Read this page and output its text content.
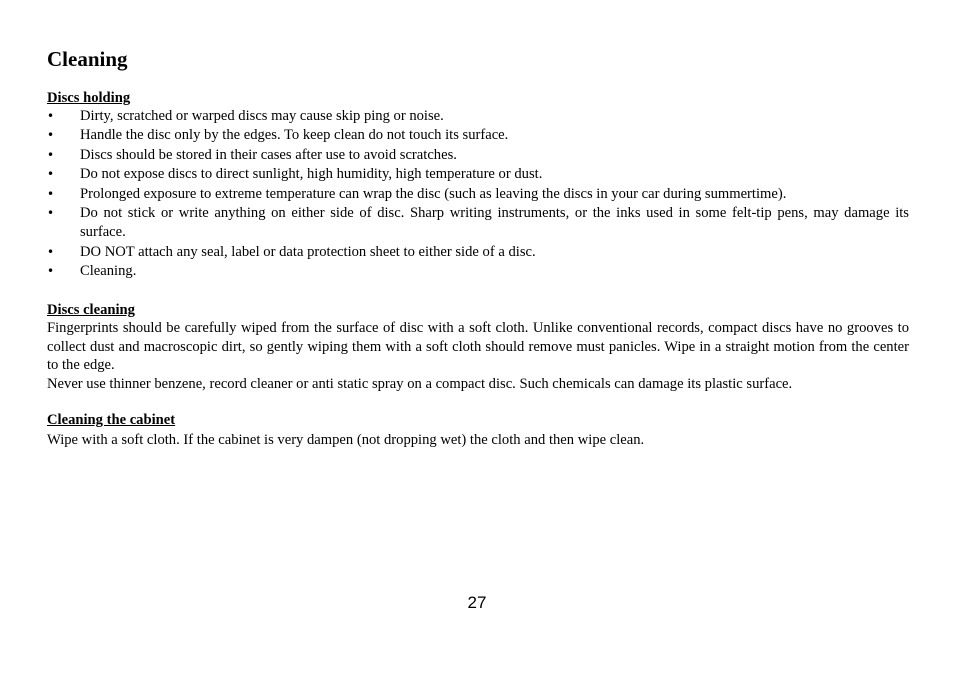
Cleaning
Discs holding
•	Dirty, scratched or warped discs may cause skip ping or noise.
•	Handle the disc only by the edges. To keep clean do not touch its surface.
•	Discs should be stored in their cases after use to avoid scratches.
•	Do not expose discs to direct sunlight, high humidity, high temperature or dust.
•	Prolonged exposure to extreme temperature can wrap the disc (such as leaving the discs in your car during summertime).
•	Do not stick or write anything on either side of disc. Sharp writing instruments, or the inks used in some felt-tip pens, may damage its surface.
•	DO NOT attach any seal, label or data protection sheet to either side of a disc.
•	Cleaning.
Discs cleaning

Fingerprints should be carefully wiped from the surface of disc with a soft cloth. Unlike conventional records, compact discs have no grooves to collect dust and macroscopic dirt, so gently wiping them with a soft cloth should remove must panicles. Wipe in a straight motion from the center to the edge.

Never use thinner benzene, record cleaner or anti static spray on a compact disc. Such chemicals can damage its plastic surface.

Cleaning the cabinet

Wipe with a soft cloth. If the cabinet is very dampen (not dropping wet) the cloth and then wipe clean.

27
